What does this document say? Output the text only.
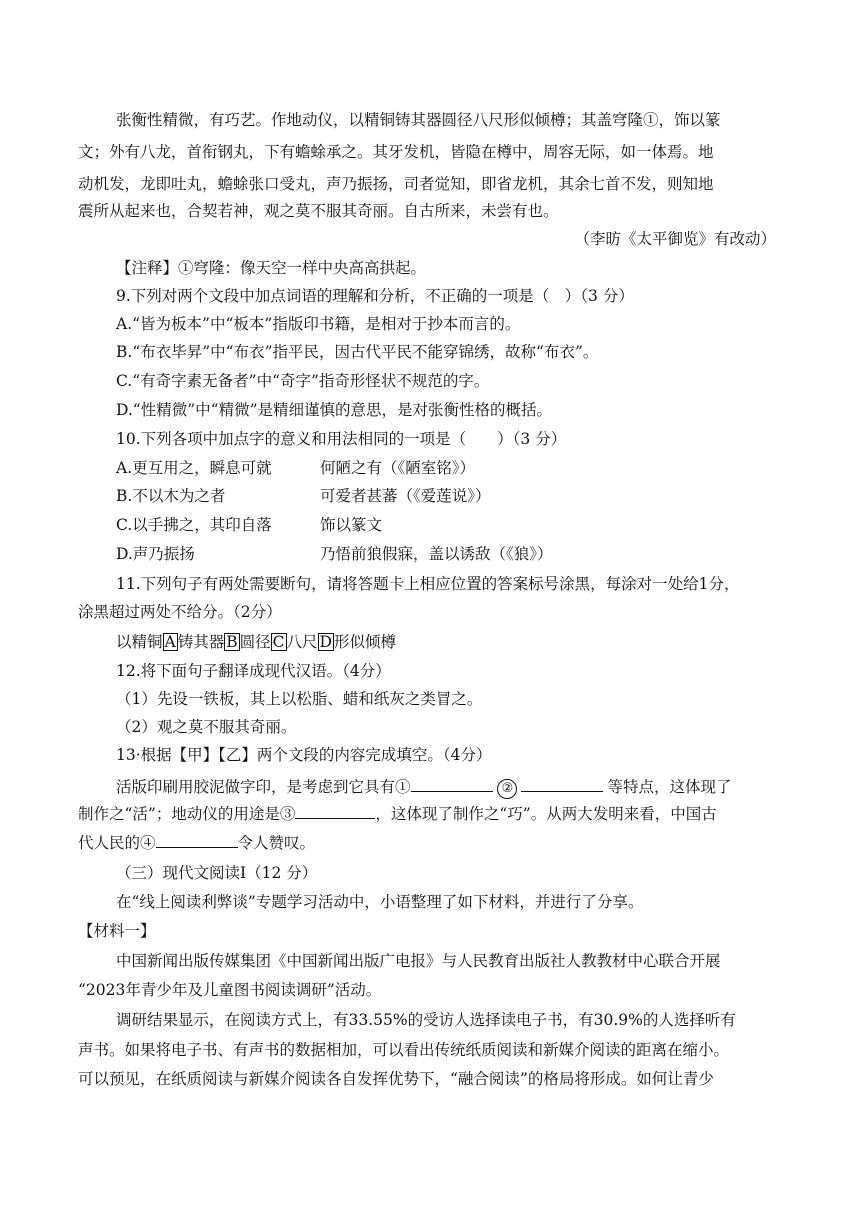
张衡性精微，有巧艺。作地动仪，以精铜铸其器圆径八尺形似倾樽；其盖穹隆①，饰以篆
文；外有八龙，首衔钢丸，下有蟾蜍承之。其牙发机，皆隐在樽中，周容无际，如一体焉。地
动机发，龙即吐丸，蟾蜍张口受丸，声乃振扬，司者觉知，即省龙机，其余七首不发，则知地
震所从起来也，合契若神，观之莫不服其奇丽。自古所来，未尝有也。
（李昉《太平御览》有改动）
【注释】①穹隆：像天空一样中央高高拱起。
9.下列对两个文段中加点词语的理解和分析，不正确的一项是（　）（3 分）
A.“皆为板本”中“板本”指版印书籍，是相对于抄本而言的。
B.“布衣毕昇”中“布衣”指平民，因古代平民不能穿锦绣，故称“布衣”。
C.“有奇字素无备者”中“奇字”指奇形怪状不规范的字。
D.“性精微”中“精微”是精细谨慎的意思，是对张衡性格的概括。
10.下列各项中加点字的意义和用法相同的一项是（　　）（3 分）
A.更互用之，瞬息可就	何陋之有（《陋室铭》）
B.不以木为之者	可爱者甚蕃（《爱莲说》）
C.以手拂之，其印自落	饰以篆文
D.声乃振扬	乃悟前狼假寐，盖以诱敌（《狼》）
11.下列句子有两处需要断句，请将答题卡上相应位置的答案标号涂黑，每涂对一处给1分，
涂黑超过两处不给分。（2分）
以精铜 A 铸其器 B 圆径 C 八尺 D 形似倾樽
12.将下面句子翻译成现代汉语。（4分）
（1）先设一铁板，其上以松脂、蜡和纸灰之类冒之。
（2）观之莫不服其奇丽。
13·根据【甲】【乙】两个文段的内容完成填空。（4分）
活版印刷用胶泥做字印，是考虑到它具有①	②	等特点，这体现了
制作之“活”；地动仪的用途是③	，这体现了制作之“巧”。从两大发明来看，中国古
代人民的④	令人赞叹。
（三）现代文阅读Ⅰ（12 分）
在“线上阅读利弊谈”专题学习活动中，小语整理了如下材料，并进行了分享。
【材料一】
中国新闻出版传媒集团《中国新闻出版广电报》与人民教育出版社人教教材中心联合开展
“2023年青少年及儿童图书阅读调研”活动。
调研结果显示，在阅读方式上，有33.55%的受访人选择读电子书，有30.9%的人选择听有
声书。如果将电子书、有声书的数据相加，可以看出传统纸质阅读和新媒介阅读的距离在缩小。
可以预见，在纸质阅读与新媒介阅读各自发挥优势下，“融合阅读”的格局将形成。如何让青少
